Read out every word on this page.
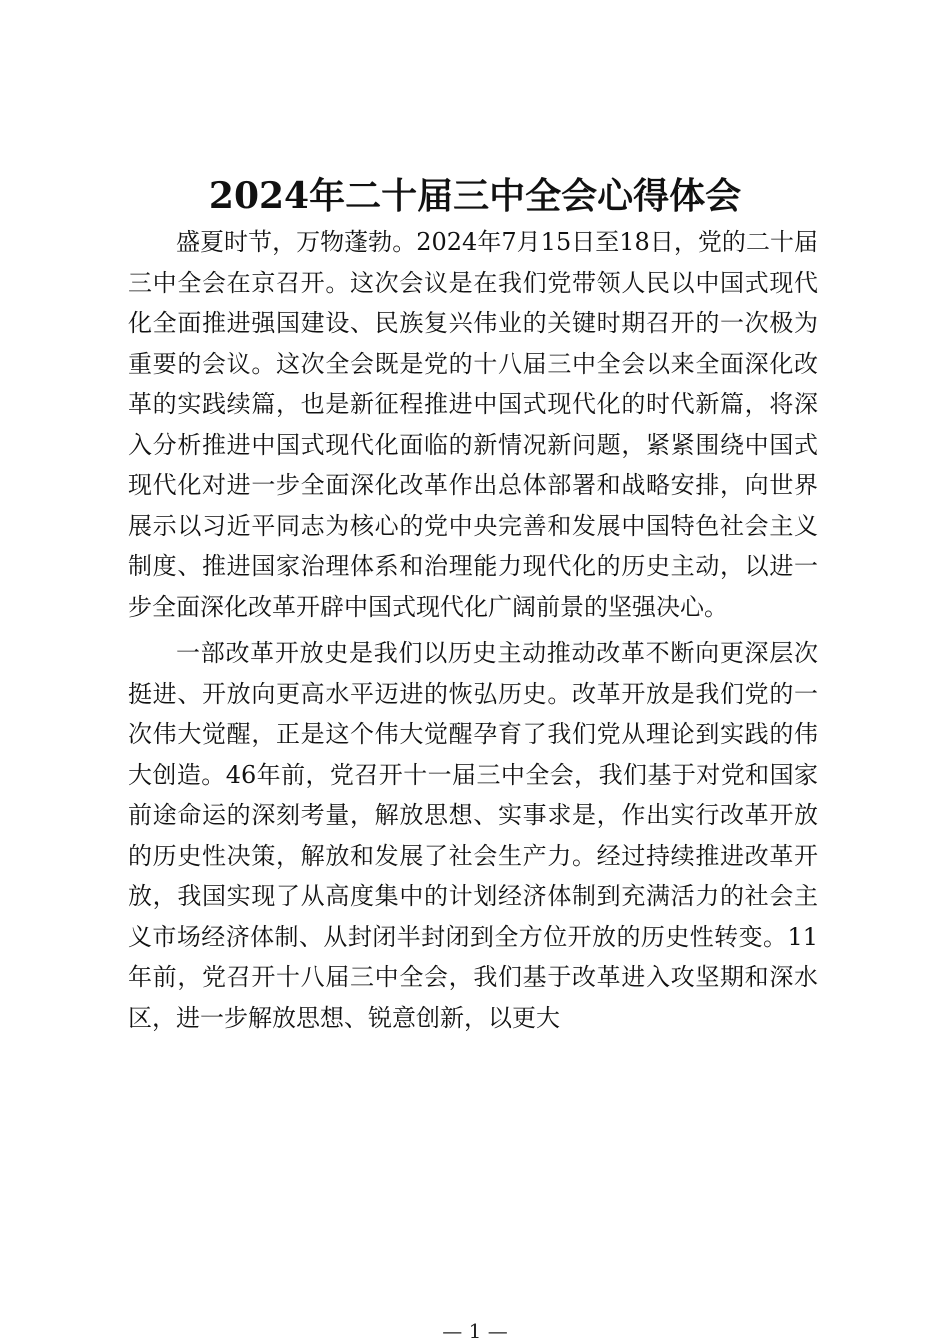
2024年二十届三中全会心得体会

盛夏时节，万物蓬勃。2024年7月15日至18日，党的二十届三中全会在京召开。这次会议是在我们党带领人民以中国式现代化全面推进强国建设、民族复兴伟业的关键时期召开的一次极为重要的会议。这次全会既是党的十八届三中全会以来全面深化改革的实践续篇，也是新征程推进中国式现代化的时代新篇，将深入分析推进中国式现代化面临的新情况新问题，紧紧围绕中国式现代化对进一步全面深化改革作出总体部署和战略安排，向世界展示以习近平同志为核心的党中央完善和发展中国特色社会主义制度、推进国家治理体系和治理能力现代化的历史主动，以进一步全面深化改革开辟中国式现代化广阔前景的坚强决心。

一部改革开放史是我们以历史主动推动改革不断向更深层次挺进、开放向更高水平迈进的恢弘历史。改革开放是我们党的一次伟大觉醒，正是这个伟大觉醒孕育了我们党从理论到实践的伟大创造。46年前，党召开十一届三中全会，我们基于对党和国家前途命运的深刻考量，解放思想、实事求是，作出实行改革开放的历史性决策，解放和发展了社会生产力。经过持续推进改革开放，我国实现了从高度集中的计划经济体制到充满活力的社会主义市场经济体制、从封闭半封闭到全方位开放的历史性转变。11年前，党召开十八届三中全会，我们基于改革进入攻坚期和深水区，进一步解放思想、锐意创新，以更大

— 1 —
